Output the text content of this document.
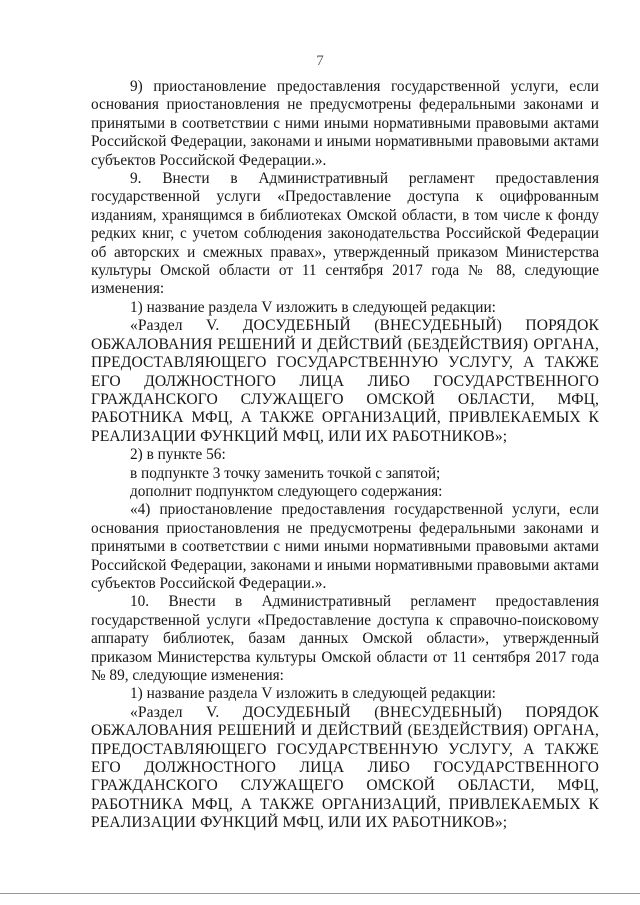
7

9) приостановление предоставления государственной услуги, если основания приостановления не предусмотрены федеральными законами и принятыми в соответствии с ними иными нормативными правовыми актами Российской Федерации, законами и иными нормативными правовыми актами субъектов Российской Федерации.».

9. Внести в Административный регламент предоставления государственной услуги «Предоставление доступа к оцифрованным изданиям, хранящимся в библиотеках Омской области, в том числе к фонду редких книг, с учетом соблюдения законодательства Российской Федерации об авторских и смежных правах», утвержденный приказом Министерства культуры Омской области от 11 сентября 2017 года № 88, следующие изменения:

1) название раздела V изложить в следующей редакции:

«Раздел V. ДОСУДЕБНЫЙ (ВНЕСУДЕБНЫЙ) ПОРЯДОК ОБЖАЛОВАНИЯ РЕШЕНИЙ И ДЕЙСТВИЙ (БЕЗДЕЙСТВИЯ) ОРГАНА, ПРЕДОСТАВЛЯЮЩЕГО ГОСУДАРСТВЕННУЮ УСЛУГУ, А ТАКЖЕ ЕГО ДОЛЖНОСТНОГО ЛИЦА ЛИБО ГОСУДАРСТВЕННОГО ГРАЖДАНСКОГО СЛУЖАЩЕГО ОМСКОЙ ОБЛАСТИ, МФЦ, РАБОТНИКА МФЦ, А ТАКЖЕ ОРГАНИЗАЦИЙ, ПРИВЛЕКАЕМЫХ К РЕАЛИЗАЦИИ ФУНКЦИЙ МФЦ, ИЛИ ИХ РАБОТНИКОВ»;

2) в пункте 56:

в подпункте 3 точку заменить точкой с запятой;

дополнит подпунктом следующего содержания:

«4) приостановление предоставления государственной услуги, если основания приостановления не предусмотрены федеральными законами и принятыми в соответствии с ними иными нормативными правовыми актами Российской Федерации, законами и иными нормативными правовыми актами субъектов Российской Федерации.».

10. Внести в Административный регламент предоставления государственной услуги «Предоставление доступа к справочно-поисковому аппарату библиотек, базам данных Омской области», утвержденный приказом Министерства культуры Омской области от 11 сентября 2017 года № 89, следующие изменения:

1) название раздела V изложить в следующей редакции:

«Раздел V. ДОСУДЕБНЫЙ (ВНЕСУДЕБНЫЙ) ПОРЯДОК ОБЖАЛОВАНИЯ РЕШЕНИЙ И ДЕЙСТВИЙ (БЕЗДЕЙСТВИЯ) ОРГАНА, ПРЕДОСТАВЛЯЮЩЕГО ГОСУДАРСТВЕННУЮ УСЛУГУ, А ТАКЖЕ ЕГО ДОЛЖНОСТНОГО ЛИЦА ЛИБО ГОСУДАРСТВЕННОГО ГРАЖДАНСКОГО СЛУЖАЩЕГО ОМСКОЙ ОБЛАСТИ, МФЦ, РАБОТНИКА МФЦ, А ТАКЖЕ ОРГАНИЗАЦИЙ, ПРИВЛЕКАЕМЫХ К РЕАЛИЗАЦИИ ФУНКЦИЙ МФЦ, ИЛИ ИХ РАБОТНИКОВ»;
